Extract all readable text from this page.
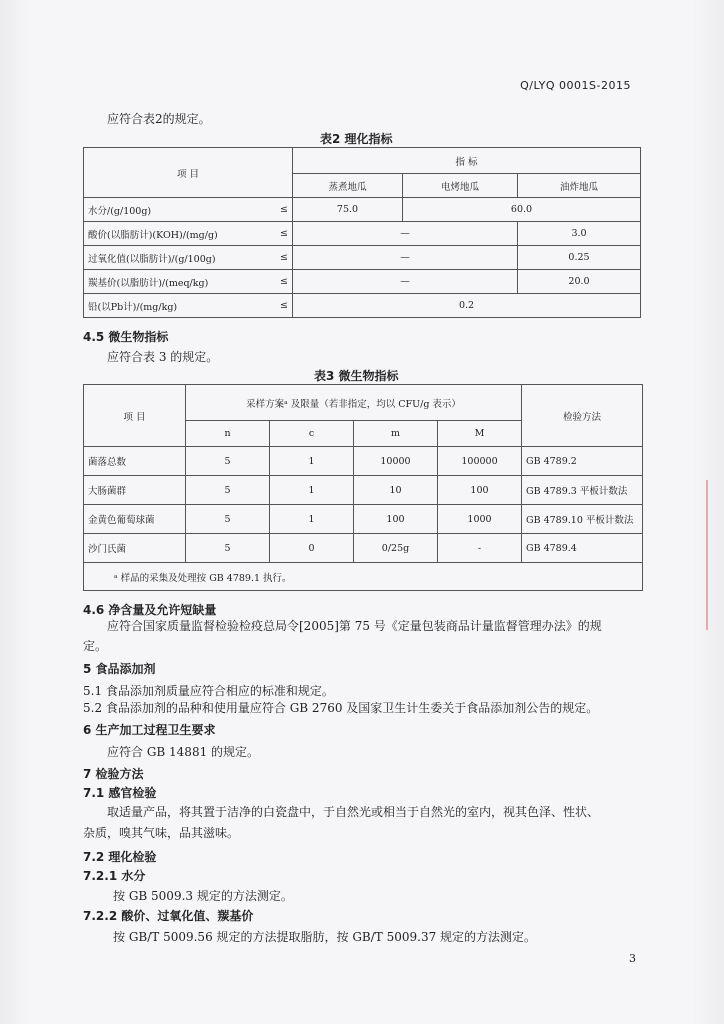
Q/LYQ 0001S-2015
应符合表2的规定。
表2 理化指标
项 目	指 标		
	蒸煮地瓜	电烤地瓜	油炸地瓜

水分/(g/100g) ≤	75.0	60.0	

酸价(以脂肪计)(KOH)/(mg/g) ≤	—		3.0

过氧化值(以脂肪计)/(g/100g) ≤	—		0.25

羰基价(以脂肪计)/(meq/kg) ≤	—		20.0

铅(以Pb计)/(mg/kg) ≤	0.2		
4.5 微生物指标
应符合表 3 的规定。
表3 微生物指标
项 目	采样方案ᵃ 及限量（若非指定，均以 CFU/g 表示）				检验方法
	n	c	m	M	
菌落总数	5	1	10000	100000	GB 4789.2
大肠菌群	5	1	10	100	GB 4789.3 平板计数法
金黄色葡萄球菌	5	1	100	1000	GB 4789.10 平板计数法
沙门氏菌	5	0	0/25g	-	GB 4789.4
ᵃ 样品的采集及处理按 GB 4789.1 执行。					
4.6 净含量及允许短缺量
应符合国家质量监督检验检疫总局令[2005]第 75 号《定量包装商品计量监督管理办法》的规
定。
5 食品添加剂
5.1 食品添加剂质量应符合相应的标准和规定。
5.2 食品添加剂的品种和使用量应符合 GB 2760 及国家卫生计生委关于食品添加剂公告的规定。
6 生产加工过程卫生要求
应符合 GB 14881 的规定。
7 检验方法
7.1 感官检验
取适量产品，将其置于洁净的白瓷盘中，于自然光或相当于自然光的室内，视其色泽、性状、
杂质，嗅其气味，品其滋味。
7.2 理化检验
7.2.1 水分
按 GB 5009.3 规定的方法测定。
7.2.2 酸价、过氧化值、羰基价
按 GB/T 5009.56 规定的方法提取脂肪，按 GB/T 5009.37 规定的方法测定。
3
